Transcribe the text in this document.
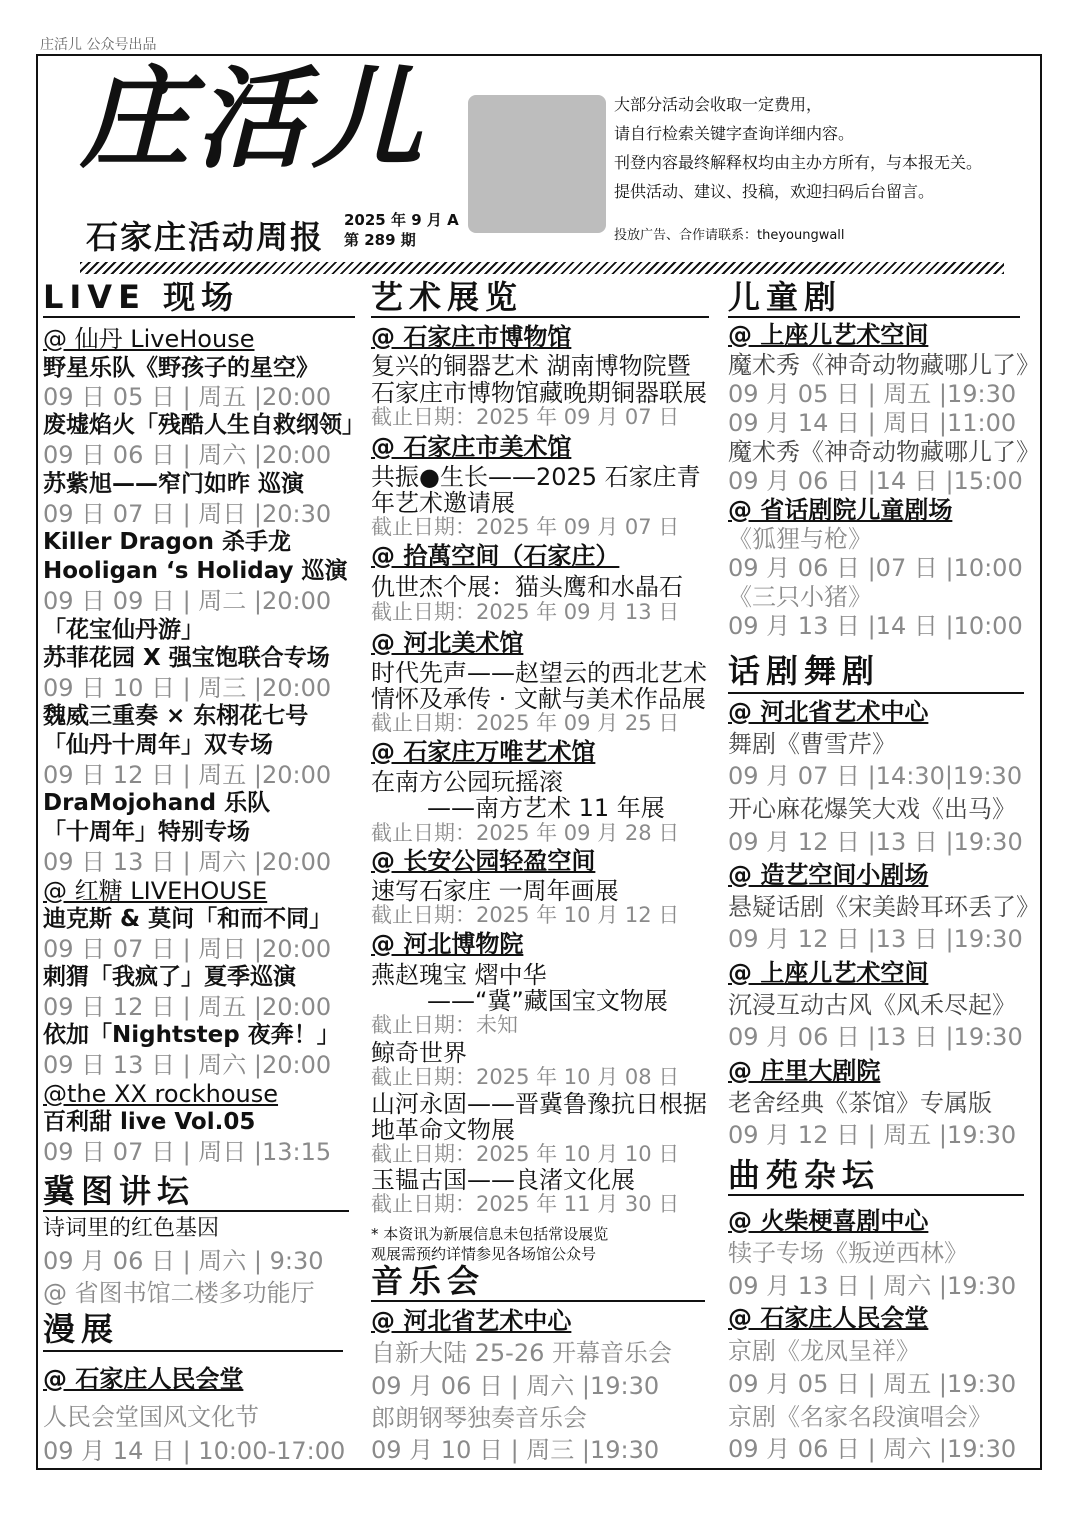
庄活儿 公众号出品
庄活儿
石家庄活动周报 2025 年 9 月 A
第 289 期
大部分活动会收取一定费用，
请自行检索关键字查询详细内容。
刊登内容最终解释权均由主办方所有，与本报无关。
提供活动、建议、投稿，欢迎扫码后台留言。
投放广告、合作请联系：theyoungwall
LIVE 现场
@ 仙丹 LiveHouse
野星乐队《野孩子的星空》
09 日 05 日 | 周五 |20:00
废墟焰火「残酷人生自救纲领」
09 日 06 日 | 周六 |20:00
苏紫旭——窄门如昨 巡演
09 日 07 日 | 周日 |20:30
Killer Dragon 杀手龙
Hooligan ‘s Holiday 巡演
09 日 09 日 | 周二 |20:00
「花宝仙丹游」
苏菲花园 X 强宝饱联合专场
09 日 10 日 | 周三 |20:00
魏威三重奏 × 东栩花七号
「仙丹十周年」双专场
09 日 12 日 | 周五 |20:00
DraMojohand 乐队
「十周年」特别专场
09 日 13 日 | 周六 |20:00
@ 红糖 LIVEHOUSE
迪克斯 & 莫问「和而不同」
09 日 07 日 | 周日 |20:00
刺猬「我疯了」夏季巡演
09 日 12 日 | 周五 |20:00
依加「Nightstep 夜奔！」
09 日 13 日 | 周六 |20:00
@the XX rockhouse
百利甜 live Vol.05
09 日 07 日 | 周日 |13:15
冀图讲坛
诗词里的红色基因
09 月 06 日 | 周六 | 9:30
@ 省图书馆二楼多功能厅
漫展
@ 石家庄人民会堂
人民会堂国风文化节
09 月 14 日 | 10:00-17:00
艺术展览
@ 石家庄市博物馆
复兴的铜器艺术 湖南博物院暨
石家庄市博物馆藏晚期铜器联展
截止日期：2025 年 09 月 07 日
@ 石家庄市美术馆
共振●生长——2025 石家庄青
年艺术邀请展
截止日期：2025 年 09 月 07 日
@ 拾萬空间（石家庄）
仇世杰个展：猫头鹰和水晶石
截止日期：2025 年 09 月 13 日
@ 河北美术馆
时代先声——赵望云的西北艺术
情怀及承传 · 文献与美术作品展
截止日期：2025 年 09 月 25 日
@ 石家庄万唯艺术馆
在南方公园玩摇滚
——南方艺术 11 年展
截止日期：2025 年 09 月 28 日
@ 长安公园轻盈空间
速写石家庄 一周年画展
截止日期：2025 年 10 月 12 日
@ 河北博物院
燕赵瑰宝 熠中华
——“冀”藏国宝文物展
截止日期：未知
鲸奇世界
截止日期：2025 年 10 月 08 日
山河永固——晋冀鲁豫抗日根据
地革命文物展
截止日期：2025 年 10 月 10 日
玉韫古国——良渚文化展
截止日期：2025 年 11 月 30 日
* 本资讯为新展信息未包括常设展览
观展需预约详情参见各场馆公众号
音乐会
@ 河北省艺术中心
自新大陆 25-26 开幕音乐会
09 月 06 日 | 周六 |19:30
郎朗钢琴独奏音乐会
09 月 10 日 | 周三 |19:30
儿童剧
@ 上座儿艺术空间
魔术秀《神奇动物藏哪儿了》
09 月 05 日 | 周五 |19:30
09 月 14 日 | 周日 |11:00
魔术秀《神奇动物藏哪儿了》
09 月 06 日 |14 日 |15:00
@ 省话剧院儿童剧场
《狐狸与枪》
09 月 06 日 |07 日 |10:00
《三只小猪》
09 月 13 日 |14 日 |10:00
话剧舞剧
@ 河北省艺术中心
舞剧《曹雪芹》
09 月 07 日 |14:30|19:30
开心麻花爆笑大戏《出马》
09 月 12 日 |13 日 |19:30
@ 造艺空间小剧场
悬疑话剧《宋美龄耳环丢了》
09 月 12 日 |13 日 |19:30
@ 上座儿艺术空间
沉浸互动古风《风禾尽起》
09 月 06 日 |13 日 |19:30
@ 庄里大剧院
老舍经典《茶馆》专属版
09 月 12 日 | 周五 |19:30
曲苑杂坛
@ 火柴梗喜剧中心
犊子专场《叛逆西林》
09 月 13 日 | 周六 |19:30
@ 石家庄人民会堂
京剧《龙凤呈祥》
09 月 05 日 | 周五 |19:30
京剧《名家名段演唱会》
09 月 06 日 | 周六 |19:30
